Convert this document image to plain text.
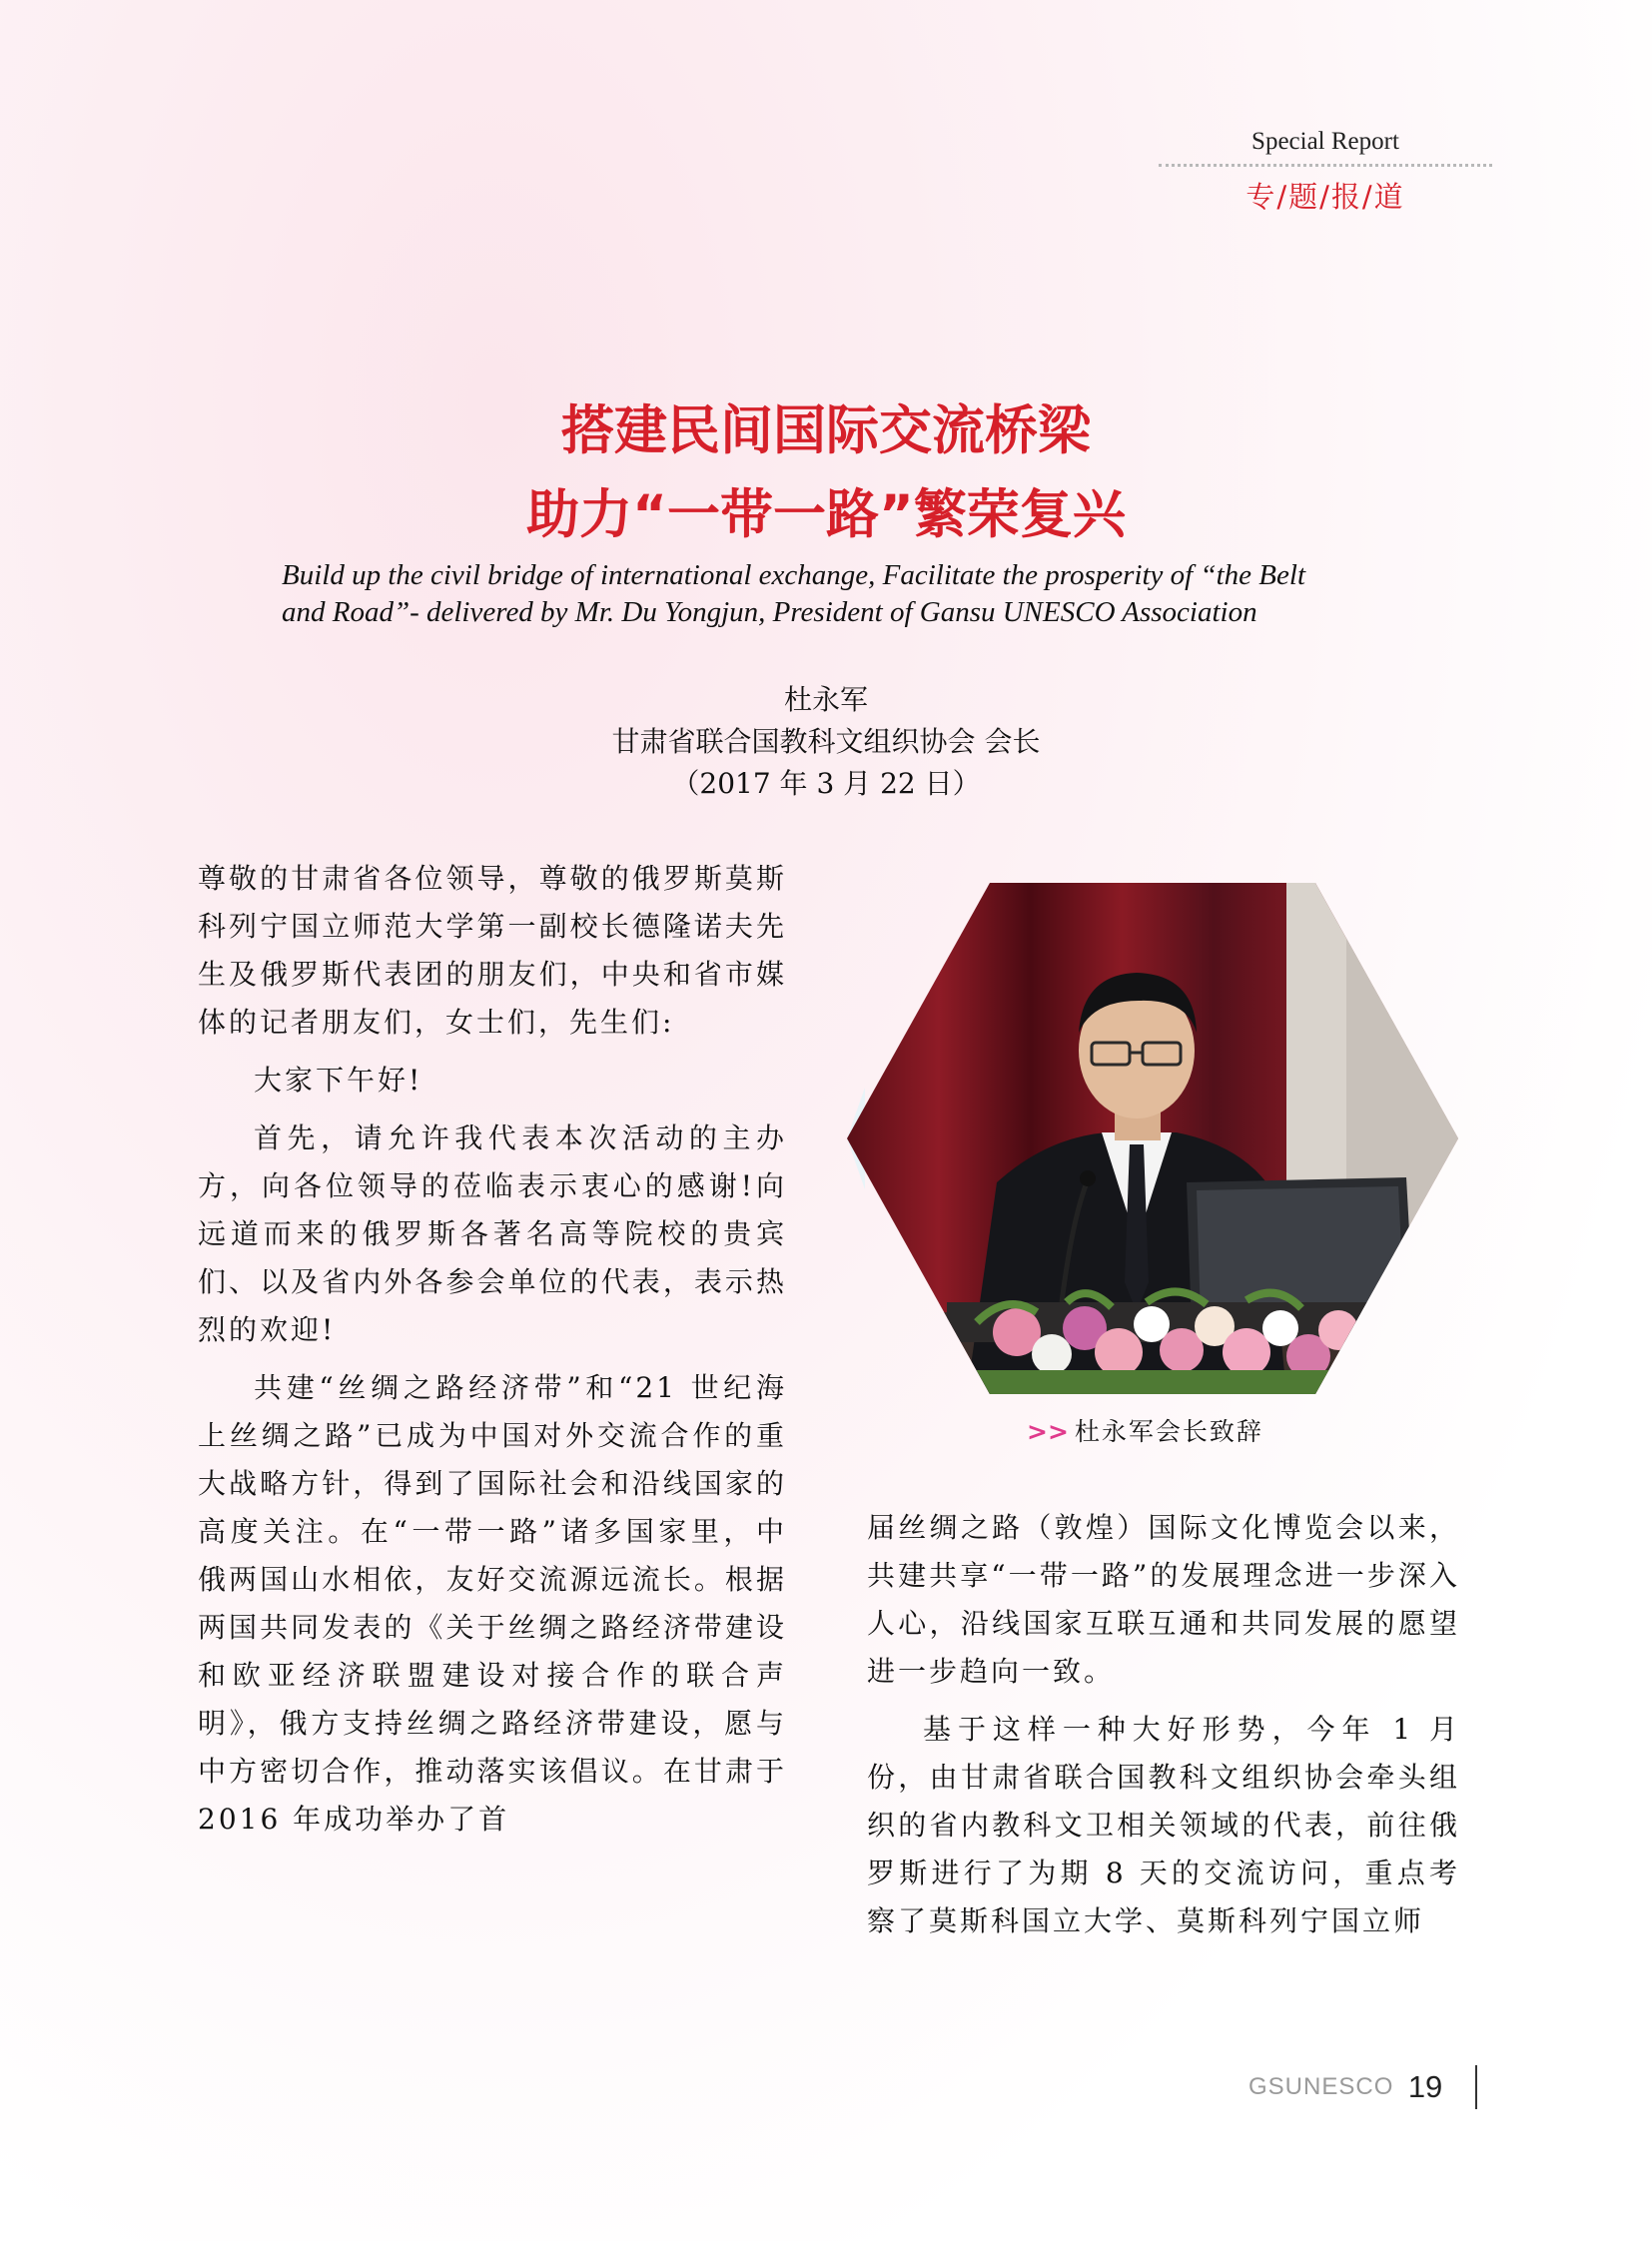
Special Report
专/题/报/道
搭建民间国际交流桥梁
助力“一带一路”繁荣复兴
Build up the civil bridge of international exchange, Facilitate the prosperity of “the Belt
and Road”- delivered by Mr. Du Yongjun, President of Gansu UNESCO Association
杜永军
甘肃省联合国教科文组织协会 会长
（2017 年 3 月 22 日）

尊敬的甘肃省各位领导，尊敬的俄罗斯莫斯科列宁国立师范大学第一副校长德隆诺夫先生及俄罗斯代表团的朋友们，中央和省市媒体的记者朋友们，女士们，先生们:

大家下午好!

首先，请允许我代表本次活动的主办方，向各位领导的莅临表示衷心的感谢!向远道而来的俄罗斯各著名高等院校的贵宾们、以及省内外各参会单位的代表，表示热烈的欢迎!

共建“丝绸之路经济带”和“21 世纪海上丝绸之路”已成为中国对外交流合作的重大战略方针，得到了国际社会和沿线国家的高度关注。在“一带一路”诸多国家里，中俄两国山水相依，友好交流源远流长。根据两国共同发表的《关于丝绸之路经济带建设和欧亚经济联盟建设对接合作的联合声明》，俄方支持丝绸之路经济带建设，愿与中方密切合作，推动落实该倡议。在甘肃于 2016 年成功举办了首

>> 杜永军会长致辞

届丝绸之路（敦煌）国际文化博览会以来，共建共享“一带一路”的发展理念进一步深入人心，沿线国家互联互通和共同发展的愿望进一步趋向一致。

基于这样一种大好形势，今年 1 月份，由甘肃省联合国教科文组织协会牵头组织的省内教科文卫相关领域的代表，前往俄罗斯进行了为期 8 天的交流访问，重点考察了莫斯科国立大学、莫斯科列宁国立师

GSUNESCO 19
